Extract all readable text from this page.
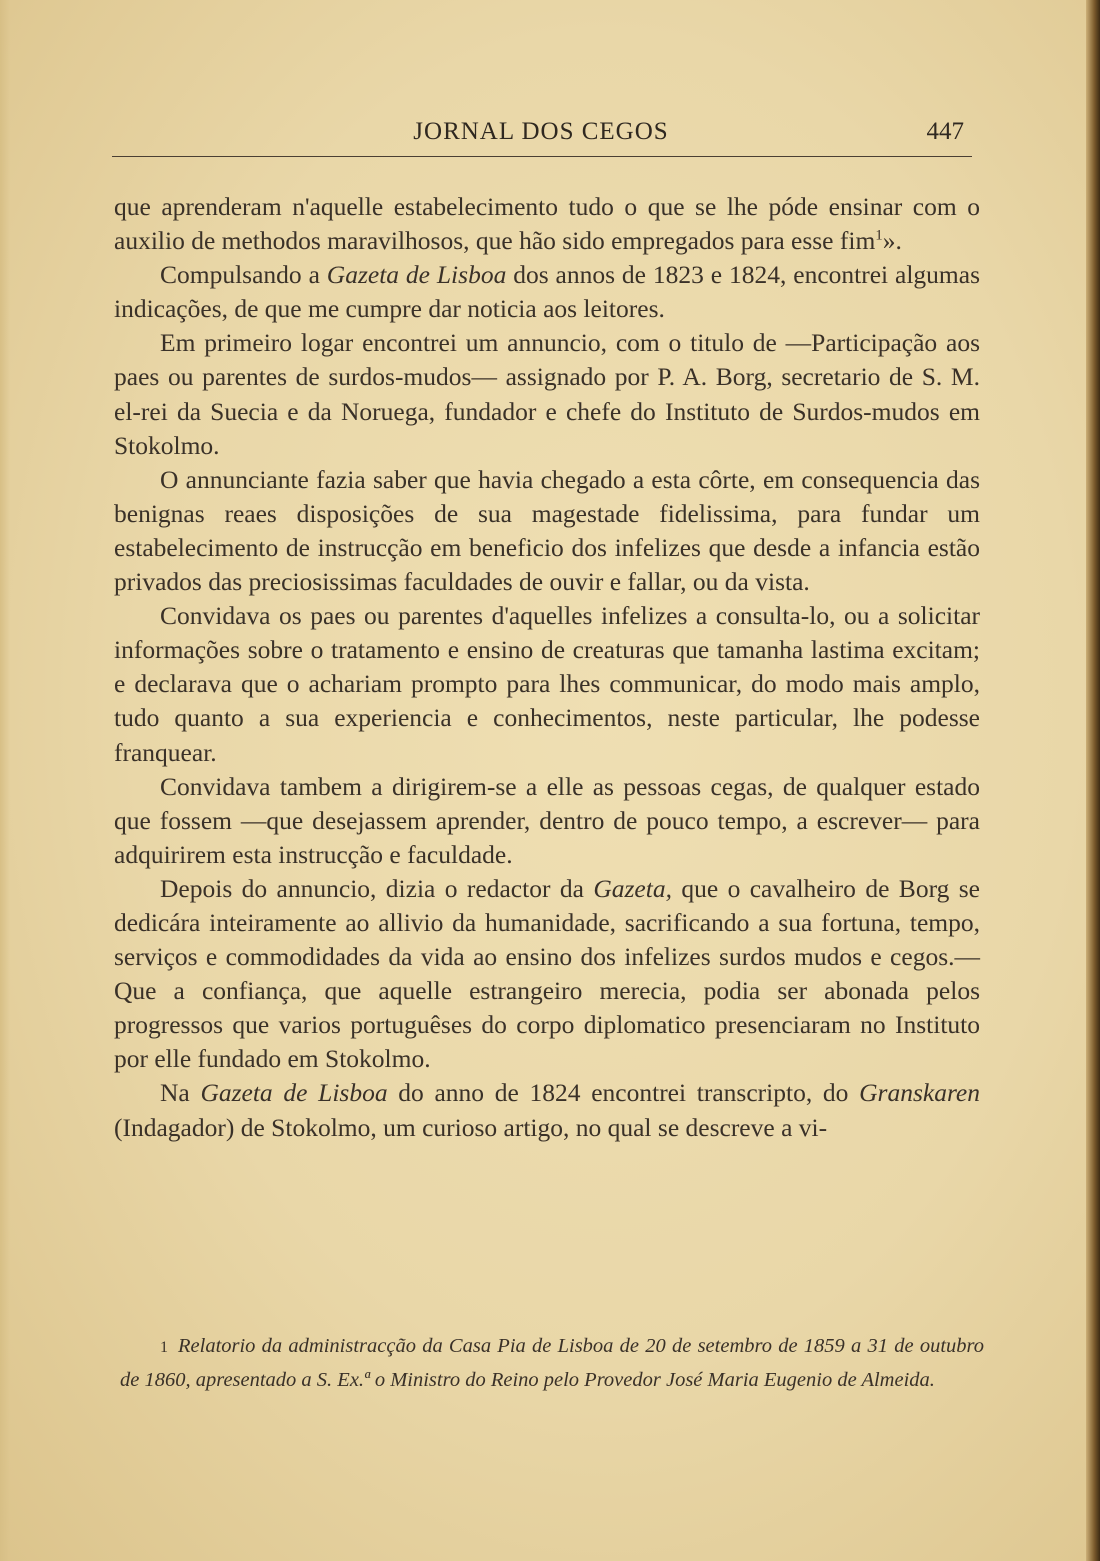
JORNAL DOS CEGOS	447

que aprenderam n'aquelle estabelecimento tudo o que se lhe póde ensinar com o auxilio de methodos maravilhosos, que hão sido empregados para esse fim$^1$».

Compulsando a Gazeta de Lisboa dos annos de 1823 e 1824, encontrei algumas indicações, de que me cumpre dar noticia aos leitores.

Em primeiro logar encontrei um annuncio, com o titulo de —Participação aos paes ou parentes de surdos-mudos— assignado por P. A. Borg, secretario de S. M. el-rei da Suecia e da Noruega, fundador e chefe do Instituto de Surdos-mudos em Stokolmo.

O annunciante fazia saber que havia chegado a esta côrte, em consequencia das benignas reaes disposições de sua magestade fidelissima, para fundar um estabelecimento de instrucção em beneficio dos infelizes que desde a infancia estão privados das preciosissimas faculdades de ouvir e fallar, ou da vista.

Convidava os paes ou parentes d'aquelles infelizes a consulta-lo, ou a solicitar informações sobre o tratamento e ensino de creaturas que tamanha lastima excitam; e declarava que o achariam prompto para lhes communicar, do modo mais amplo, tudo quanto a sua experiencia e conhecimentos, neste particular, lhe podesse franquear.

Convidava tambem a dirigirem-se a elle as pessoas cegas, de qualquer estado que fossem —que desejassem aprender, dentro de pouco tempo, a escrever— para adquirirem esta instrucção e faculdade.

Depois do annuncio, dizia o redactor da Gazeta, que o cavalheiro de Borg se dedicára inteiramente ao allivio da humanidade, sacrificando a sua fortuna, tempo, serviços e commodidades da vida ao ensino dos infelizes surdos mudos e cegos.—Que a confiança, que aquelle estrangeiro merecia, podia ser abonada pelos progressos que varios portuguêses do corpo diplomatico presenciaram no Instituto por elle fundado em Stokolmo.

Na Gazeta de Lisboa do anno de 1824 encontrei transcripto, do Granskaren (Indagador) de Stokolmo, um curioso artigo, no qual se descreve a vi-

1 Relatorio da administracção da Casa Pia de Lisboa de 20 de setembro de 1859 a 31 de outubro de 1860, apresentado a S. Ex.ª o Ministro do Reino pelo Provedor José Maria Eugenio de Almeida.
